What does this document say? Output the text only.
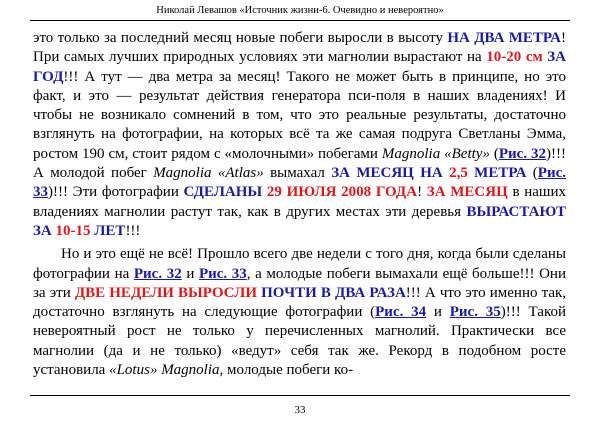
Николай Левашов «Источник жизни-6. Очевидно и невероятно»

это только за последний месяц новые побеги выросли в высоту НА ДВА МЕТРА! При самых лучших природных условиях эти магнолии вырастают на 10-20 см ЗА ГОД!!! А тут — два метра за месяц! Такого не может быть в принципе, но это факт, и это — результат действия генератора пси-поля в наших владениях! И чтобы не возникало сомнений в том, что это реальные результаты, достаточно взглянуть на фотографии, на которых всё та же самая подруга Светланы Эмма, ростом 190 см, стоит рядом с «молочными» побегами Magnolia «Betty» (Рис. 32)!!! А молодой побег Magnolia «Atlas» вымахал ЗА МЕСЯЦ НА 2,5 МЕТРА (Рис. 33)!!! Эти фотографии СДЕЛАНЫ 29 ИЮЛЯ 2008 ГОДА! ЗА МЕСЯЦ в наших владениях магнолии растут так, как в других местах эти деревья ВЫРАСТАЮТ ЗА 10-15 ЛЕТ!!!

Но и это ещё не всё! Прошло всего две недели с того дня, когда были сделаны фотографии на Рис. 32 и Рис. 33, а молодые побеги вымахали ещё больше!!! Они за эти ДВЕ НЕДЕЛИ ВЫРОСЛИ ПОЧТИ В ДВА РАЗА!!! А что это именно так, достаточно взглянуть на следующие фотографии (Рис. 34 и Рис. 35)!!! Такой невероятный рост не только у перечисленных магнолий. Практически все магнолии (да и не только) «ведут» себя так же. Рекорд в подобном росте установила «Lotus» Magnolia, молодые побеги ко-

33
